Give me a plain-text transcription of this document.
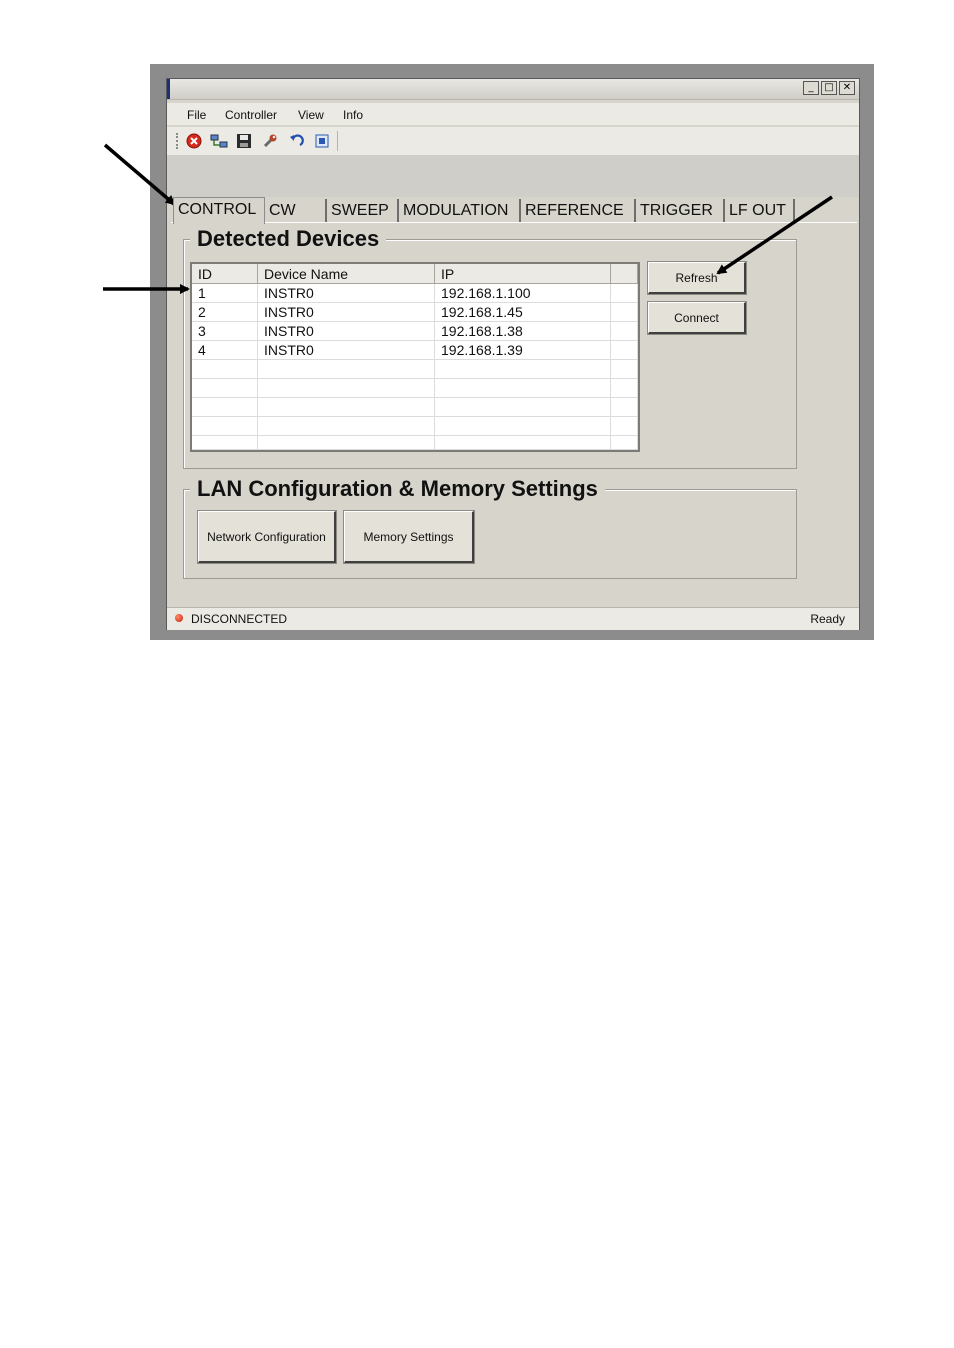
_	□ ✕
File Controller View Info
CONTROL CW	SWEEP MODULATION	REFERENCE	TRIGGER	LF OUT
Detected Devices
ID	Device Name	IP
1	INSTR0	192.168.1.100
2	INSTR0	192.168.1.45
3	INSTR0	192.168.1.38
4	INSTR0	192.168.1.39
Refresh
Connect
LAN Configuration & Memory Settings
Network Configuration	Memory Settings
DISCONNECTED	Ready
